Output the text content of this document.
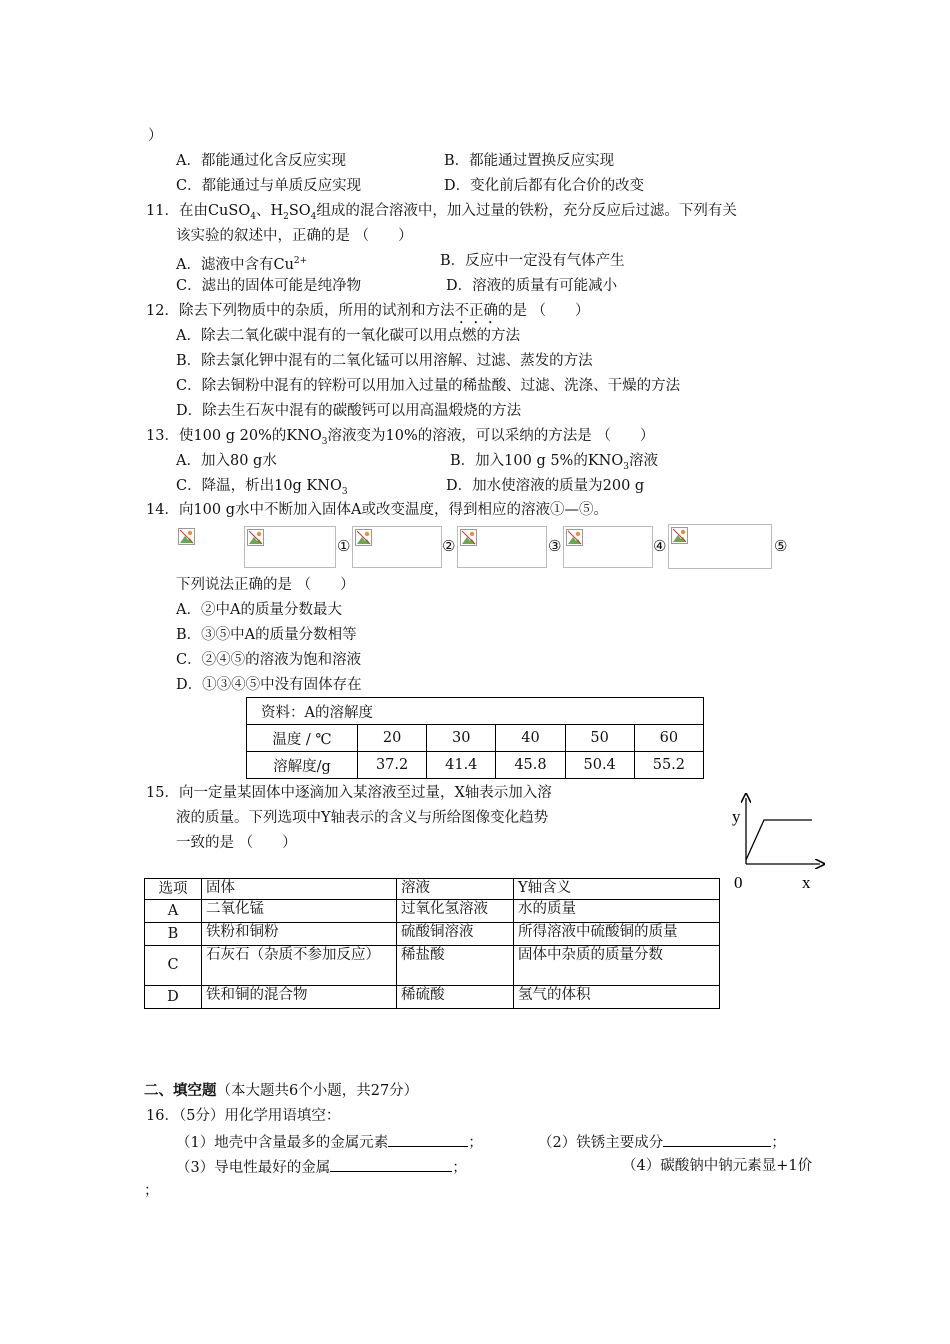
）
A．都能通过化含反应实现	B．都能通过置换反应实现
C．都能通过与单质反应实现	D．变化前后都有化合价的改变
11．在由CuSO$_4$、$H_2SO_4$组成的混合溶液中，加入过量的铁粉，充分反应后过滤。下列有关
该实验的叙述中，正确的是 （　　）
A．滤液中含有$Cu^{2+}$	B．反应中一定没有气体产生
C．滤出的固体可能是纯净物	D．溶液的质量有可能减小
12．除去下列物质中的杂质，所用的试剂和方法不正确的是 （　　）
A．除去二氧化碳中混有的一氧化碳可以用点燃的方法
B．除去氯化钾中混有的二氧化锰可以用溶解、过滤、蒸发的方法
C．除去铜粉中混有的锌粉可以用加入过量的稀盐酸、过滤、洗涤、干燥的方法
D．除去生石灰中混有的碳酸钙可以用高温煅烧的方法
13．使100 g 20%的$KNO_3$溶液变为10%的溶液，可以采纳的方法是 （　　）
A．加入80 g水	B．加入100 g 5%的$KNO_3$溶液
C．降温，析出10g $KNO_3$	D．加水使溶液的质量为200 g
14．向100 g水中不断加入固体A或改变温度，得到相应的溶液①—⑤。
①	②	③	④	⑤
下列说法正确的是 （　　）
A．②中A的质量分数最大
B．③⑤中A的质量分数相等
C．②④⑤的溶液为饱和溶液
D．①③④⑤中没有固体存在
资料：A的溶解度					
温度 / ℃	20	30	40	50	60
溶解度/g	37.2	41.4	45.8	50.4	55.2
15．向一定量某固体中逐滴加入某溶液至过量，X轴表示加入溶
液的质量。下列选项中Y轴表示的含义与所给图像变化趋势
一致的是 （　　）
y
x
0
选项	固体	溶液	Y轴含义
A	二氧化锰	过氧化氢溶液	水的质量
B	铁粉和铜粉	硫酸铜溶液	所得溶液中硫酸铜的质量
C	石灰石（杂质不参加反应）	稀盐酸	固体中杂质的质量分数
D	铁和铜的混合物	稀硫酸	氢气的体积
二、填空题（本大题共6个小题，共27分）
16．（5分）用化学用语填空：
（1）地壳中含量最多的金属元素	；	（2）铁锈主要成分	；
（3）导电性最好的金属	；	（4）碳酸钠中钠元素显+1价
；
